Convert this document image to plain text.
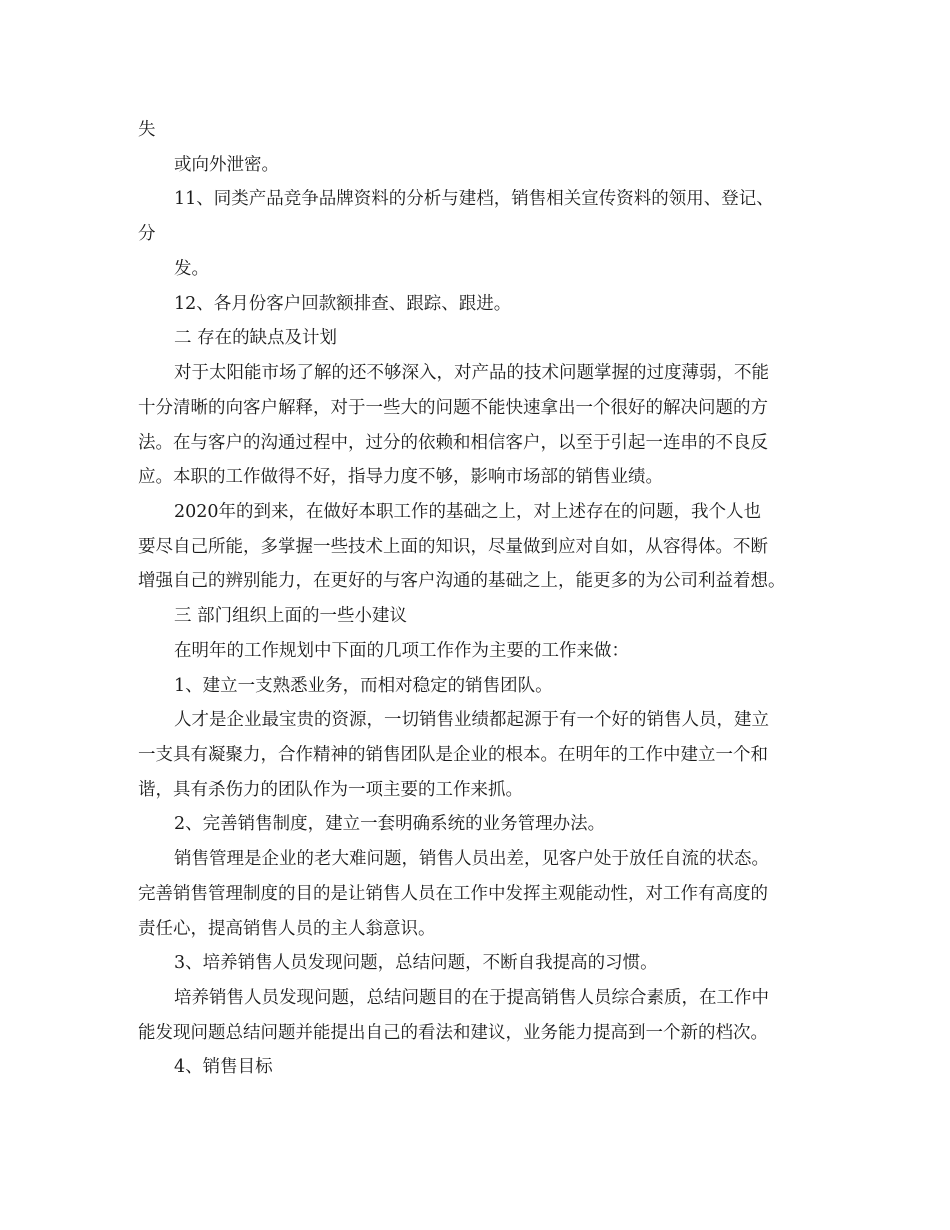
失
或向外泄密。
11、同类产品竞争品牌资料的分析与建档，销售相关宣传资料的领用、登记、
分
发。
12、各月份客户回款额排查、跟踪、跟进。
二 存在的缺点及计划
对于太阳能市场了解的还不够深入，对产品的技术问题掌握的过度薄弱，不能
十分清晰的向客户解释，对于一些大的问题不能快速拿出一个很好的解决问题的方
法。在与客户的沟通过程中，过分的依赖和相信客户，以至于引起一连串的不良反
应。本职的工作做得不好，指导力度不够，影响市场部的销售业绩。
2020年的到来，在做好本职工作的基础之上，对上述存在的问题，我个人也
要尽自己所能，多掌握一些技术上面的知识，尽量做到应对自如，从容得体。不断
增强自己的辨别能力，在更好的与客户沟通的基础之上，能更多的为公司利益着想。
三 部门组织上面的一些小建议
在明年的工作规划中下面的几项工作作为主要的工作来做：
1、建立一支熟悉业务，而相对稳定的销售团队。
人才是企业最宝贵的资源，一切销售业绩都起源于有一个好的销售人员，建立
一支具有凝聚力，合作精神的销售团队是企业的根本。在明年的工作中建立一个和
谐，具有杀伤力的团队作为一项主要的工作来抓。
2、完善销售制度，建立一套明确系统的业务管理办法。
销售管理是企业的老大难问题，销售人员出差，见客户处于放任自流的状态。
完善销售管理制度的目的是让销售人员在工作中发挥主观能动性，对工作有高度的
责任心，提高销售人员的主人翁意识。
3、培养销售人员发现问题，总结问题，不断自我提高的习惯。
培养销售人员发现问题，总结问题目的在于提高销售人员综合素质，在工作中
能发现问题总结问题并能提出自己的看法和建议，业务能力提高到一个新的档次。
4、销售目标
